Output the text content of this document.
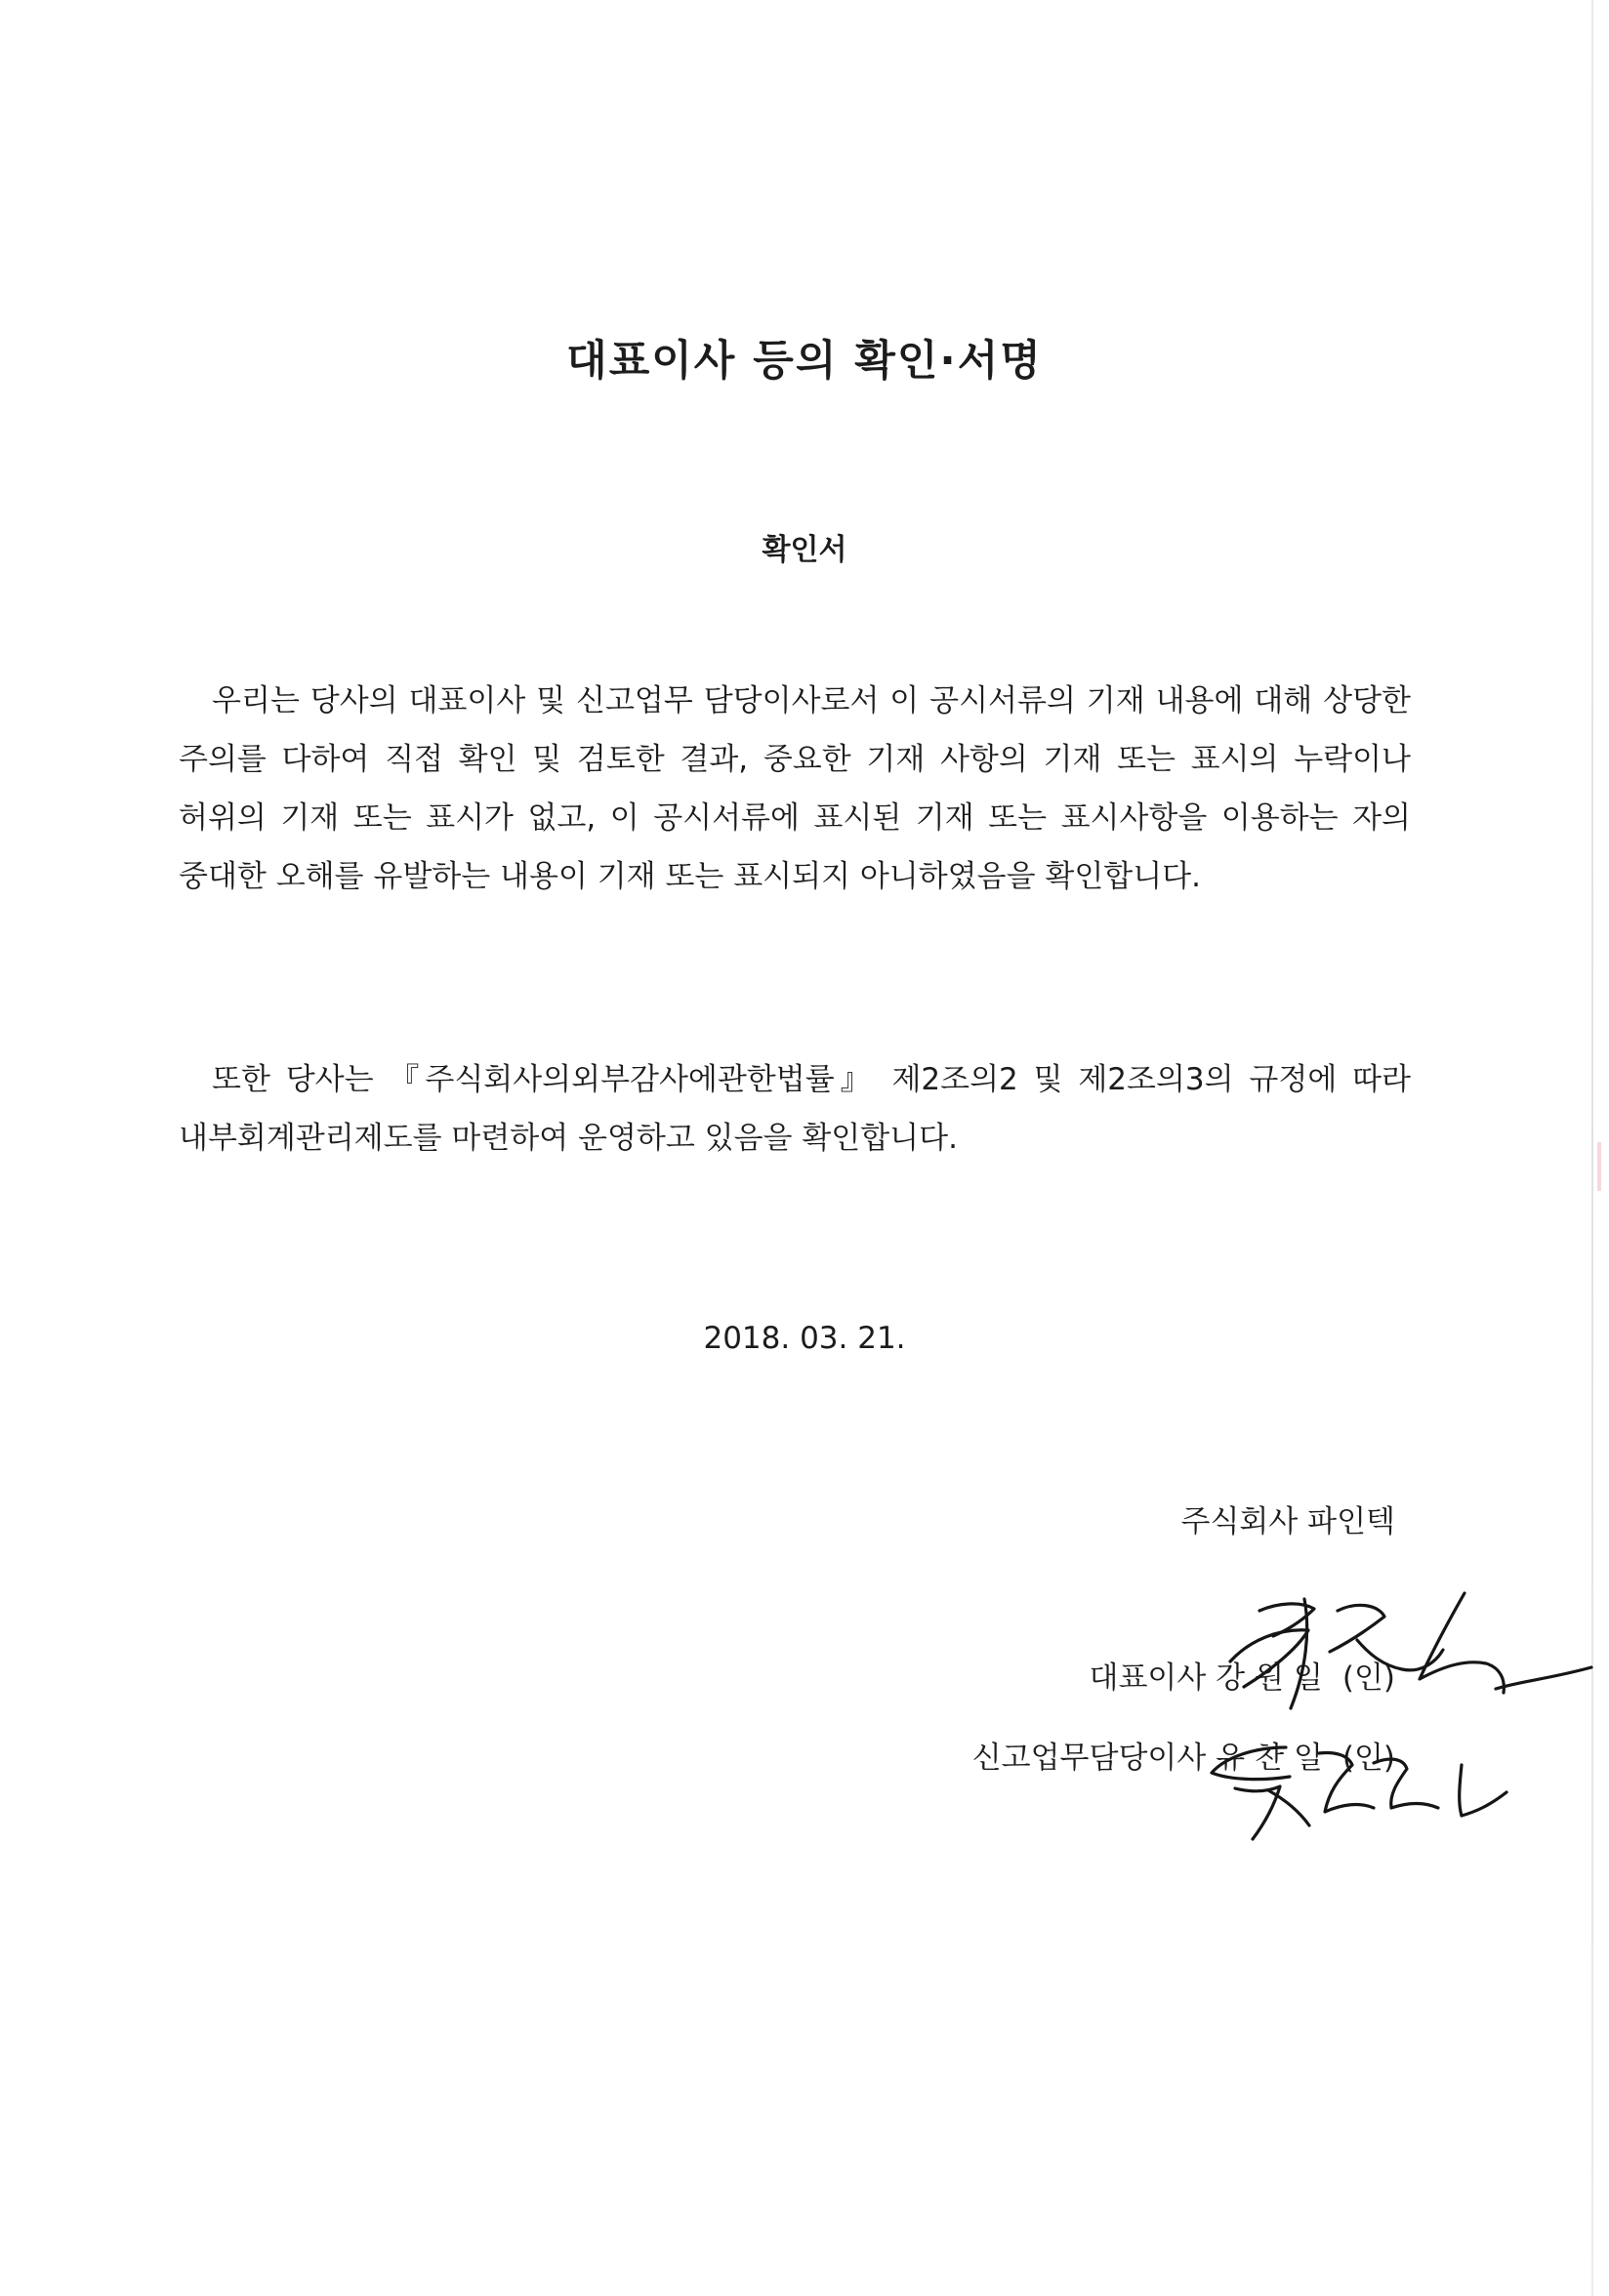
대표이사 등의 확인·서명
확인서

우리는 당사의 대표이사 및 신고업무 담당이사로서 이 공시서류의 기재 내용에 대해 상당한 주의를 다하여 직접 확인 및 검토한 결과, 중요한 기재 사항의 기재 또는 표시의 누락이나 허위의 기재 또는 표시가 없고, 이 공시서류에 표시된 기재 또는 표시사항을 이용하는 자의 중대한 오해를 유발하는 내용이 기재 또는 표시되지 아니하였음을 확인합니다.

또한 당사는 『주식회사의외부감사에관한법률』 제2조의2 및 제2조의3의 규정에 따라 내부회계관리제도를 마련하여 운영하고 있음을 확인합니다.

2018. 03. 21.

주식회사 파인텍

대표이사 강원일 (인)

신고업무담당이사 유찬일 (인)
